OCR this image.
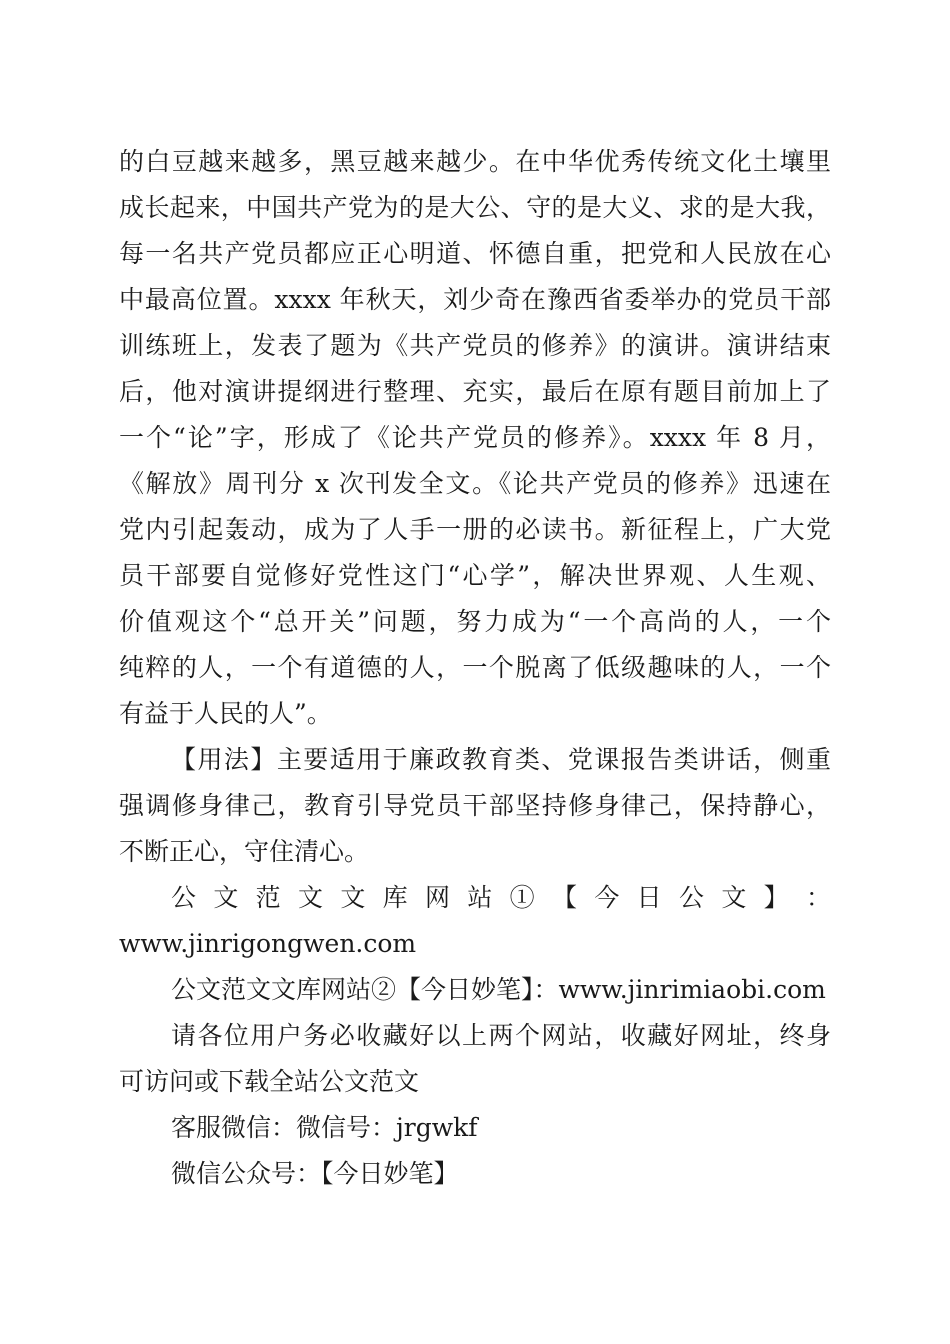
的白豆越来越多，黑豆越来越少。在中华优秀传统文化土壤里
成长起来，中国共产党为的是大公、守的是大义、求的是大我，
每一名共产党员都应正心明道、怀德自重，把党和人民放在心
中最高位置。xxxx 年秋天，刘少奇在豫西省委举办的党员干部
训练班上，发表了题为《共产党员的修养》的演讲。演讲结束
后，他对演讲提纲进行整理、充实，最后在原有题目前加上了
一个“论”字，形成了《论共产党员的修养》。xxxx 年 8 月，
《解放》周刊分 x 次刊发全文。《论共产党员的修养》迅速在
党内引起轰动，成为了人手一册的必读书。新征程上，广大党
员干部要自觉修好党性这门“心学”，解决世界观、人生观、
价值观这个“总开关”问题，努力成为“一个高尚的人，一个
纯粹的人，一个有道德的人，一个脱离了低级趣味的人，一个
有益于人民的人”。
【用法】主要适用于廉政教育类、党课报告类讲话，侧重
强调修身律己，教育引导党员干部坚持修身律己，保持静心，
不断正心，守住清心。
公 文 范 文 文 库 网 站 ① 【 今 日 公 文 】 ：
www.jinrigongwen.com
公文范文文库网站②【今日妙笔】：www.jinrimiaobi.com
请各位用户务必收藏好以上两个网站，收藏好网址，终身
可访问或下载全站公文范文
客服微信：微信号：jrgwkf
微信公众号：【今日妙笔】
